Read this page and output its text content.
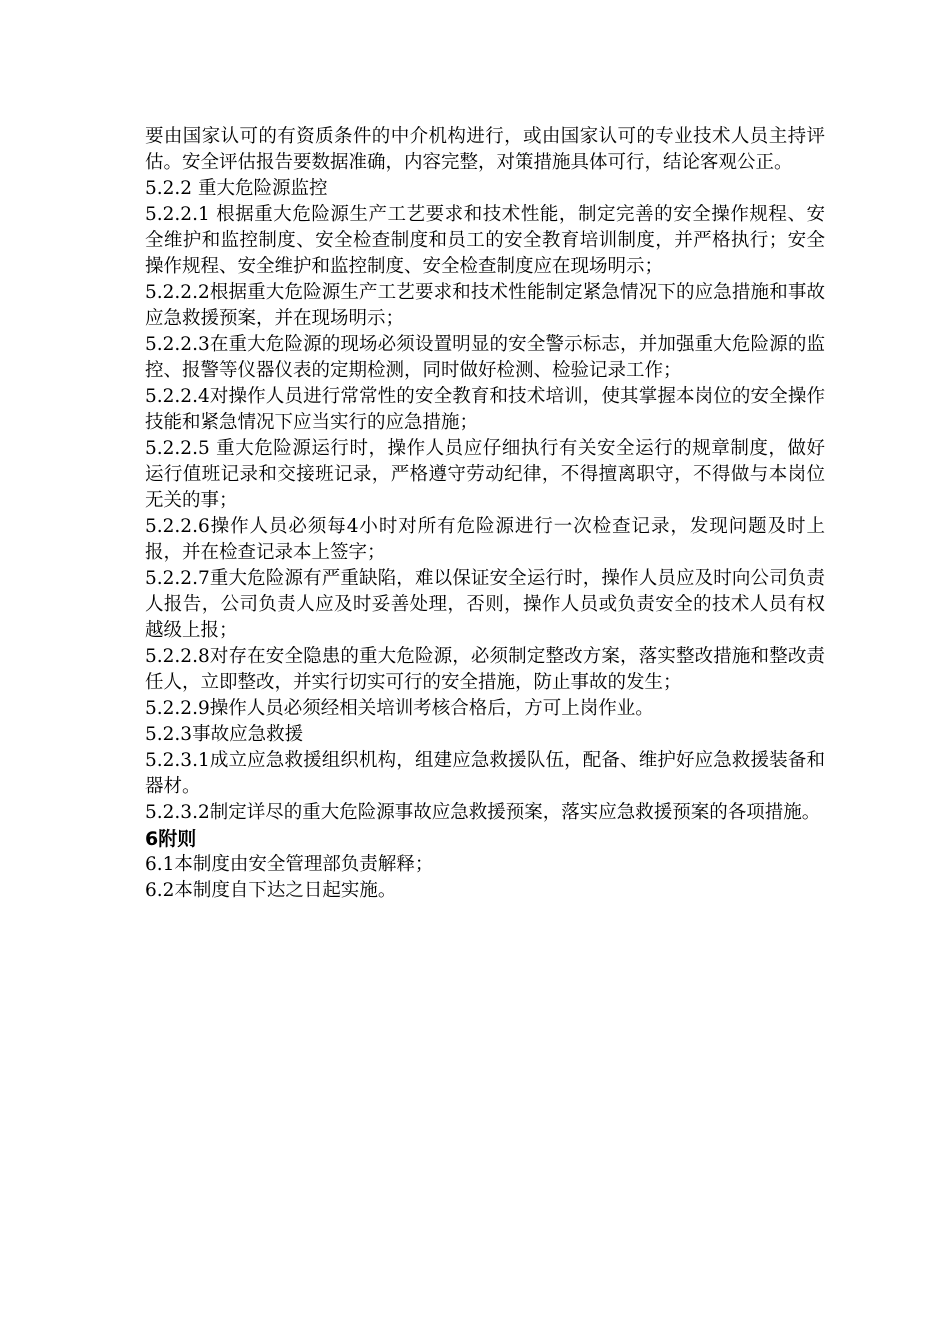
要由国家认可的有资质条件的中介机构进行，或由国家认可的专业技术人员主持评估。安全评估报告要数据准确，内容完整，对策措施具体可行，结论客观公正。

5.2.2 重大危险源监控

5.2.2.1 根据重大危险源生产工艺要求和技术性能，制定完善的安全操作规程、安全维护和监控制度、安全检查制度和员工的安全教育培训制度，并严格执行；安全操作规程、安全维护和监控制度、安全检查制度应在现场明示；

5.2.2.2根据重大危险源生产工艺要求和技术性能制定紧急情况下的应急措施和事故应急救援预案，并在现场明示；

5.2.2.3在重大危险源的现场必须设置明显的安全警示标志，并加强重大危险源的监控、报警等仪器仪表的定期检测，同时做好检测、检验记录工作；

5.2.2.4对操作人员进行常常性的安全教育和技术培训，使其掌握本岗位的安全操作技能和紧急情况下应当实行的应急措施；

5.2.2.5 重大危险源运行时，操作人员应仔细执行有关安全运行的规章制度，做好运行值班记录和交接班记录，严格遵守劳动纪律，不得擅离职守，不得做与本岗位无关的事；

5.2.2.6操作人员必须每4小时对所有危险源进行一次检查记录，发现问题及时上报，并在检查记录本上签字；

5.2.2.7重大危险源有严重缺陷，难以保证安全运行时，操作人员应及时向公司负责人报告，公司负责人应及时妥善处理，否则，操作人员或负责安全的技术人员有权越级上报；

5.2.2.8对存在安全隐患的重大危险源，必须制定整改方案，落实整改措施和整改责任人，立即整改，并实行切实可行的安全措施，防止事故的发生；

5.2.2.9操作人员必须经相关培训考核合格后，方可上岗作业。

5.2.3事故应急救援

5.2.3.1成立应急救援组织机构，组建应急救援队伍，配备、维护好应急救援装备和器材。

5.2.3.2制定详尽的重大危险源事故应急救援预案，落实应急救援预案的各项措施。

6附则

6.1本制度由安全管理部负责解释；

6.2本制度自下达之日起实施。
